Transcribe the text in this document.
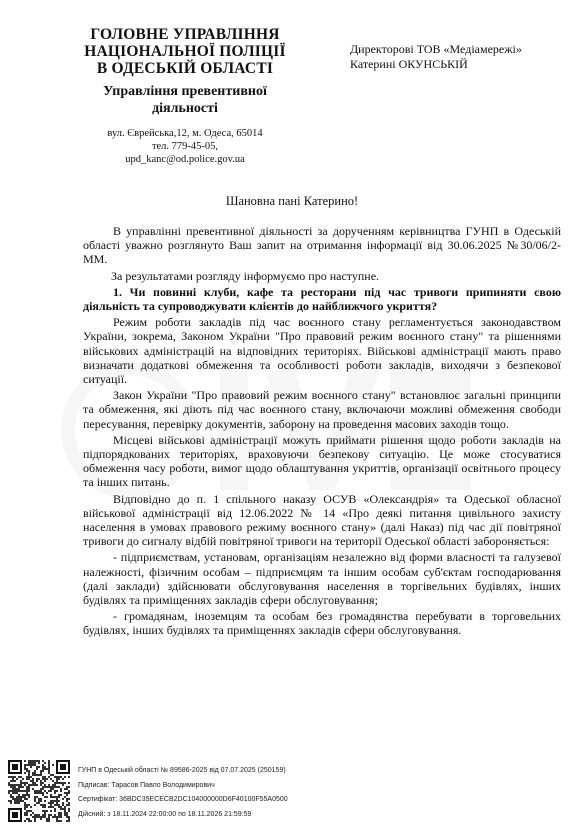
ГОЛОВНЕ УПРАВЛІННЯ
НАЦІОНАЛЬНОЇ ПОЛІЦІЇ
В ОДЕСЬКІЙ ОБЛАСТІ
Управління превентивної
діяльності
вул. Єврейська,12, м. Одеса, 65014
тел. 779-45-05,
upd_kanc@od.police.gov.ua
Директорові ТОВ «Медіамережі»
Катерині ОКУНСЬКІЙ
Шановна пані Катерино!

В управлінні превентивної діяльності за дорученням керівництва ГУНП в Одеській області уважно розглянуто Ваш запит на отримання інформації від 30.06.2025 №30/06/2-ММ.

За результатами розгляду інформуємо про наступне.

1. Чи повинні клуби, кафе та ресторани під час тривоги припиняти свою діяльність та супроводжувати клієнтів до найближчого укриття?

Режим роботи закладів під час воєнного стану регламентується законодавством України, зокрема, Законом України "Про правовий режим воєнного стану" та рішеннями військових адміністрацій на відповідних територіях. Військові адміністрації мають право визначати додаткові обмеження та особливості роботи закладів, виходячи з безпекової ситуації.

Закон України "Про правовий режим воєнного стану" встановлює загальні принципи та обмеження, які діють під час воєнного стану, включаючи можливі обмеження свободи пересування, перевірку документів, заборону на проведення масових заходів тощо.

Місцеві військові адміністрації можуть приймати рішення щодо роботи закладів на підпорядкованих територіях, враховуючи безпекову ситуацію. Це може стосуватися обмеження часу роботи, вимог щодо облаштування укриттів, організації освітнього процесу та інших питань.

Відповідно до п. 1 спільного наказу ОСУВ «Олександрія» та Одеської обласної військової адміністрації від 12.06.2022 № 14 «Про деякі питання цивільного захисту населення в умовах правового режиму воєнного стану» (далі Наказ) під час дії повітряної тривоги до сигналу відбій повітряної тривоги на території Одеської області забороняється:

- підприємствам, установам, організаціям незалежно від форми власності та галузевої належності, фізичним особам – підприємцям та іншим особам суб'єктам господарювання (далі заклади) здійснювати обслуговування населення в торгівельних будівлях, інших будівлях та приміщеннях закладів сфери обслуговування;

- громадянам, іноземцям та особам без громадянства перебувати в торговельних будівлях, інших будівлях та приміщеннях закладів сфери обслуговування.

ГУНП в Одеській області № 89586-2025 від 07.07.2025 (250159)
Підписав: Тарасов Павло Володимирович
Сертифікат: 36BDC35ECECB2DC104000000D6F40100F55A0500
Дійсний: з 18.11.2024 22:00:00 по 18.11.2026 21:59:59
